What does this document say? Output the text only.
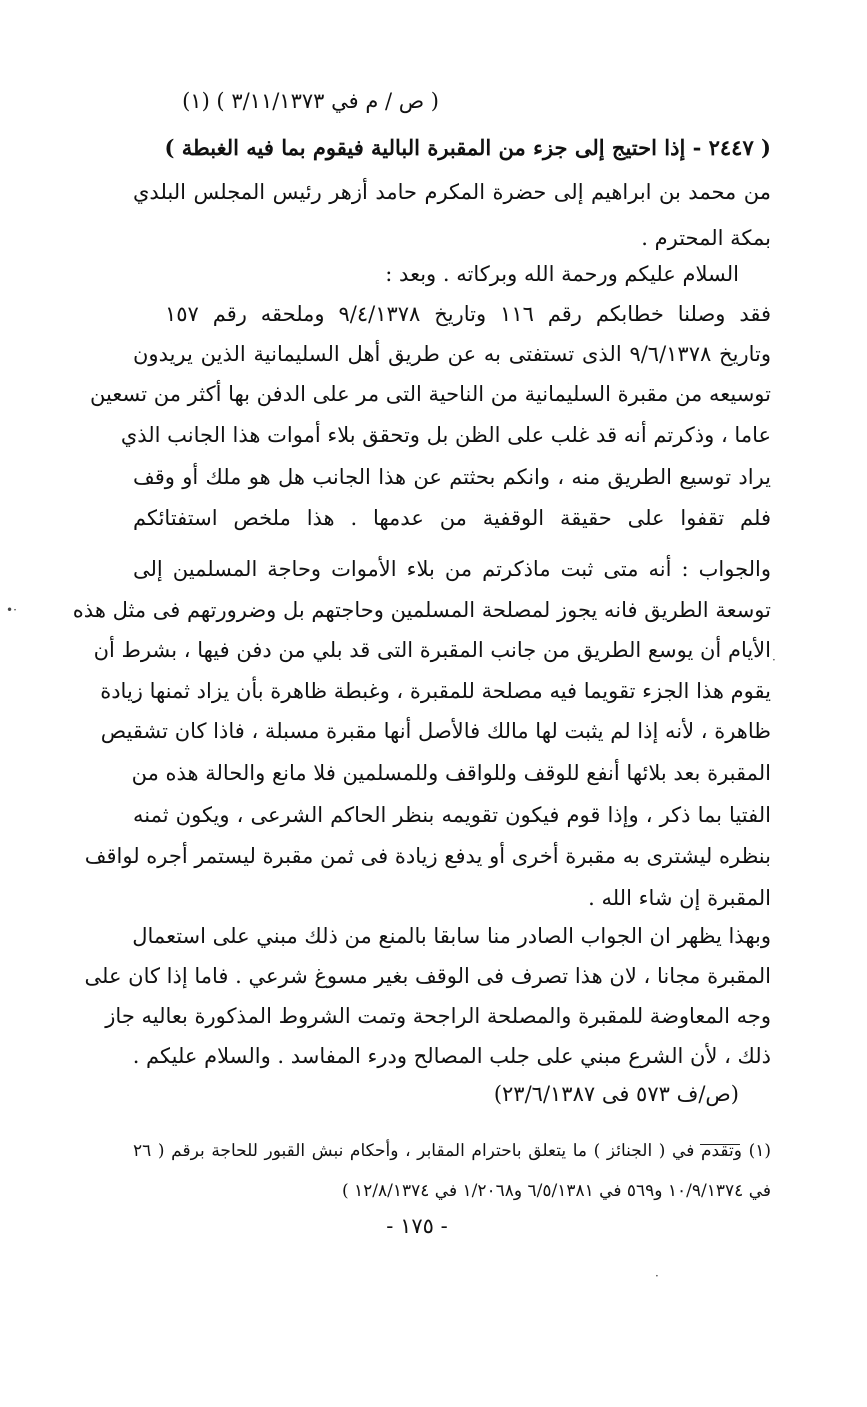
( ص / م في ٣/١١/١٣٧٣ ) (١)
( ٢٤٤٧ - إذا احتيج إلى جزء من المقبرة البالية فيقوم بما فيه الغبطة )
من محمد بن ابراهيم إلى حضرة المكرم حامد أزهر رئيس المجلس البلدي
بمكة المحترم .
السلام عليكم ورحمة الله وبركاته . وبعد :
فقد وصلنا خطابكم رقم ١١٦ وتاريخ ٩/٤/١٣٧٨ وملحقه رقم ١٥٧
وتاريخ ٩/٦/١٣٧٨ الذى تستفتى به عن طريق أهل السليمانية الذين يريدون
توسيعه من مقبرة السليمانية من الناحية التى مر على الدفن بها أكثر من تسعين
عاما ، وذكرتم أنه قد غلب على الظن بل وتحقق بلاء أموات هذا الجانب الذي
يراد توسيع الطريق منه ، وانكم بحثتم عن هذا الجانب هل هو ملك أو وقف
فلم تقفوا على حقيقة الوقفية من عدمها . هذا ملخص استفتائكم
والجواب : أنه متى ثبت ماذكرتم من بلاء الأموات وحاجة المسلمين إلى
توسعة الطريق فانه يجوز لمصلحة المسلمين وحاجتهم بل وضرورتهم فى مثل هذه
الأيام أن يوسع الطريق من جانب المقبرة التى قد بلي من دفن فيها ، بشرط أن
يقوم هذا الجزء تقويما فيه مصلحة للمقبرة ، وغبطة ظاهرة بأن يزاد ثمنها زيادة
ظاهرة ، لأنه إذا لم يثبت لها مالك فالأصل أنها مقبرة مسبلة ، فاذا كان تشقيص
المقبرة بعد بلائها أنفع للوقف وللواقف وللمسلمين فلا مانع والحالة هذه من
الفتيا بما ذكر ، وإذا قوم فيكون تقويمه بنظر الحاكم الشرعى ، ويكون ثمنه
بنظره ليشترى به مقبرة أخرى أو يدفع زيادة فى ثمن مقبرة ليستمر أجره لواقف
المقبرة إن شاء الله .
وبهذا يظهر ان الجواب الصادر منا سابقا بالمنع من ذلك مبني على استعمال
المقبرة مجانا ، لان هذا تصرف فى الوقف بغير مسوغ شرعي . فاما إذا كان على
وجه المعاوضة للمقبرة والمصلحة الراجحة وتمت الشروط المذكورة بعاليه جاز
ذلك ، لأن الشرع مبني على جلب المصالح ودرء المفاسد . والسلام عليكم .
(ص/ف ٥٧٣ فى ٢٣/٦/١٣٨٧)
(١) وتقدم في ( الجنائز ) ما يتعلق باحترام المقابر ، وأحكام نبش القبور للحاجة برقم ( ٢٦
في ١٠/٩/١٣٧٤ و٥٦٩ في ٦/٥/١٣٨١ و١/٢٠٦٨ في ١٢/٨/١٣٧٤ )
- ١٧٥ -
•·
·
·
